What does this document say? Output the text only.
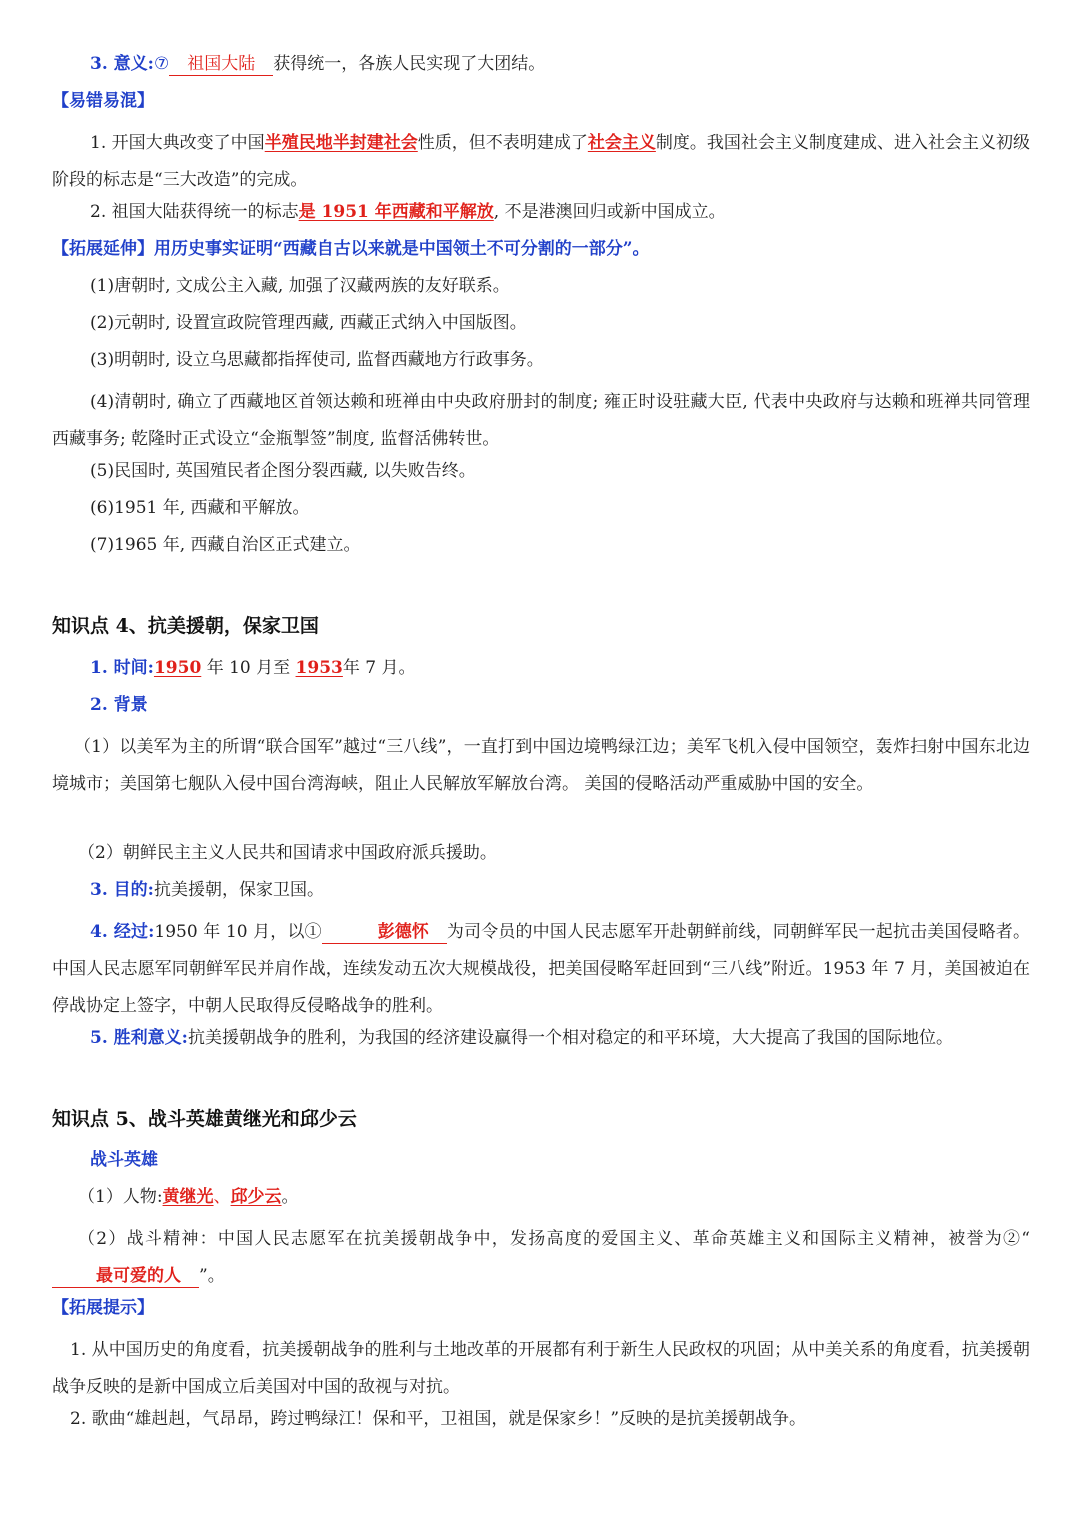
3. 意义:⑦ 祖国大陆 获得统一，各族人民实现了大团结。
【易错易混】
1. 开国大典改变了中国半殖民地半封建社会性质，但不表明建成了社会主义制度。我国社会主义制度建成、进入社会主义初级阶段的标志是“三大改造”的完成。
2. 祖国大陆获得统一的标志是 1951 年西藏和平解放, 不是港澳回归或新中国成立。
【拓展延伸】用历史事实证明“西藏自古以来就是中国领土不可分割的一部分”。
(1)唐朝时, 文成公主入藏, 加强了汉藏两族的友好联系。
(2)元朝时, 设置宣政院管理西藏, 西藏正式纳入中国版图。
(3)明朝时, 设立乌思藏都指挥使司, 监督西藏地方行政事务。
(4)清朝时, 确立了西藏地区首领达赖和班禅由中央政府册封的制度; 雍正时设驻藏大臣, 代表中央政府与达赖和班禅共同管理西藏事务; 乾隆时正式设立“金瓶掣签”制度, 监督活佛转世。
(5)民国时, 英国殖民者企图分裂西藏, 以失败告终。
(6)1951 年, 西藏和平解放。
(7)1965 年, 西藏自治区正式建立。
知识点 4、抗美援朝，保家卫国
1. 时间:1950 年 10 月至 1953年 7 月。
2. 背景
（1）以美军为主的所谓“联合国军”越过“三八线”，一直打到中国边境鸭绿江边；美军飞机入侵中国领空，轰炸扫射中国东北边境城市；美国第七舰队入侵中国台湾海峡，阻止人民解放军解放台湾。 美国的侵略活动严重威胁中国的安全。
（2）朝鲜民主主义人民共和国请求中国政府派兵援助。
3. 目的:抗美援朝，保家卫国。
4. 经过:1950 年 10 月，以①	彭德怀 为司令员的中国人民志愿军开赴朝鲜前线，同朝鲜军民一起抗击美国侵略者。中国人民志愿军同朝鲜军民并肩作战，连续发动五次大规模战役，把美国侵略军赶回到“三八线”附近。1953 年 7 月，美国被迫在停战协定上签字，中朝人民取得反侵略战争的胜利。
5. 胜利意义:抗美援朝战争的胜利，为我国的经济建设赢得一个相对稳定的和平环境，大大提高了我国的国际地位。
知识点 5、战斗英雄黄继光和邱少云
战斗英雄
（1）人物:黄继光、邱少云。
（2）战斗精神：中国人民志愿军在抗美援朝战争中，发扬高度的爱国主义、革命英雄主义和国际主义精神，被誉为②“最可爱的人 ”。
【拓展提示】
1. 从中国历史的角度看，抗美援朝战争的胜利与土地改革的开展都有利于新生人民政权的巩固；从中美关系的角度看，抗美援朝战争反映的是新中国成立后美国对中国的敌视与对抗。
2. 歌曲“雄赳赳，气昂昂，跨过鸭绿江！保和平，卫祖国，就是保家乡！”反映的是抗美援朝战争。
